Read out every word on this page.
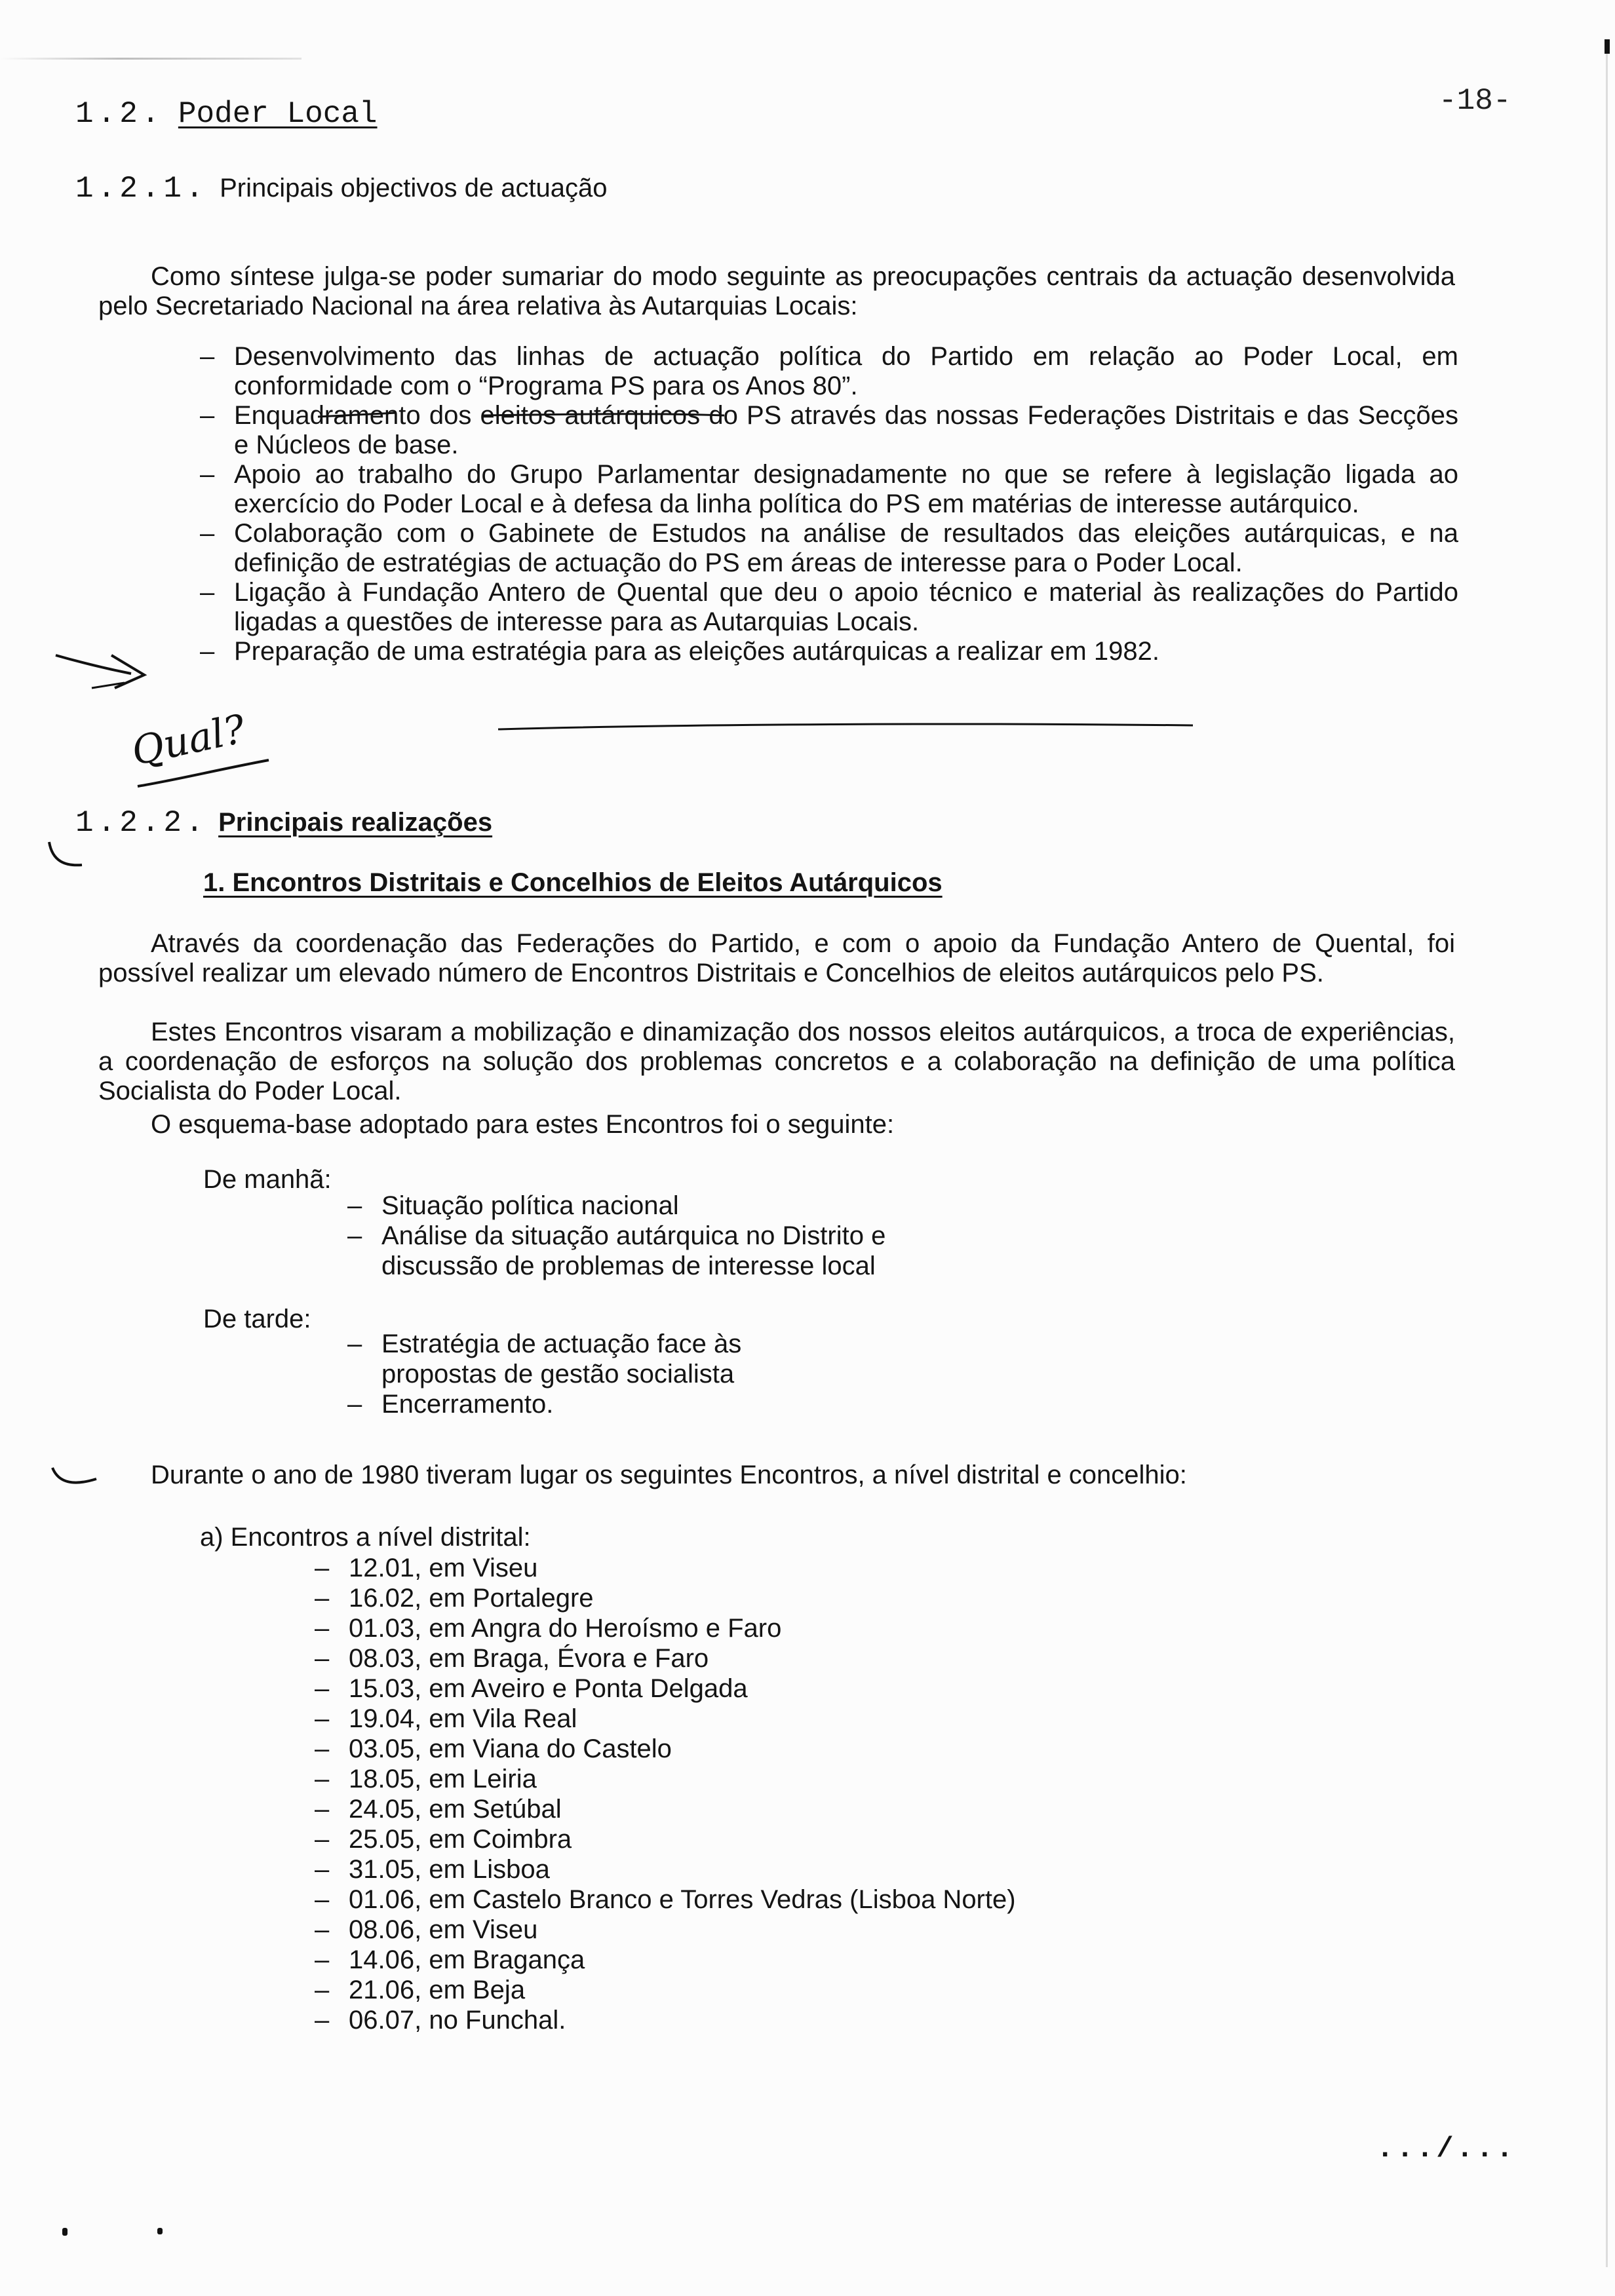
-18-
1.2. Poder Local
1.2.1. Principais objectivos de actuação
Como síntese julga-se poder sumariar do modo seguinte as preocupações centrais da actuação desenvolvida pelo Secretariado Nacional na área relativa às Autarquias Locais:
– Desenvolvimento das linhas de actuação política do Partido em relação ao Poder Local, em conformidade com o “Programa PS para os Anos 80”.
– Enquadramento dos eleitos autárquicos do PS através das nossas Federações Distritais e das Secções e Núcleos de base.
– Apoio ao trabalho do Grupo Parlamentar designadamente no que se refere à legislação ligada ao exercício do Poder Local e à defesa da linha política do PS em matérias de interesse autárquico.
– Colaboração com o Gabinete de Estudos na análise de resultados das eleições autárquicas, e na definição de estratégias de actuação do PS em áreas de interesse para o Poder Local.
– Ligação à Fundação Antero de Quental que deu o apoio técnico e material às realizações do Partido ligadas a questões de interesse para as Autarquias Locais.
– Preparação de uma estratégia para as eleições autárquicas a realizar em 1982.
Qual?
1.2.2. Principais realizações
1. Encontros Distritais e Concelhios de Eleitos Autárquicos
Através da coordenação das Federações do Partido, e com o apoio da Fundação Antero de Quental, foi possível realizar um elevado número de Encontros Distritais e Concelhios de eleitos autárquicos pelo PS.
Estes Encontros visaram a mobilização e dinamização dos nossos eleitos autárquicos, a troca de experiências, a coordenação de esforços na solução dos problemas concretos e a colaboração na definição de uma política Socialista do Poder Local.
O esquema-base adoptado para estes Encontros foi o seguinte:
De manhã:
– Situação política nacional
– Análise da situação autárquica no Distrito e discussão de problemas de interesse local
De tarde:
– Estratégia de actuação face às propostas de gestão socialista
– Encerramento.
Durante o ano de 1980 tiveram lugar os seguintes Encontros, a nível distrital e concelhio:
a) Encontros a nível distrital:
– 12.01, em Viseu
– 16.02, em Portalegre
– 01.03, em Angra do Heroísmo e Faro
– 08.03, em Braga, Évora e Faro
– 15.03, em Aveiro e Ponta Delgada
– 19.04, em Vila Real
– 03.05, em Viana do Castelo
– 18.05, em Leiria
– 24.05, em Setúbal
– 25.05, em Coimbra
– 31.05, em Lisboa
– 01.06, em Castelo Branco e Torres Vedras (Lisboa Norte)
– 08.06, em Viseu
– 14.06, em Bragança
– 21.06, em Beja
– 06.07, no Funchal.
.../...
